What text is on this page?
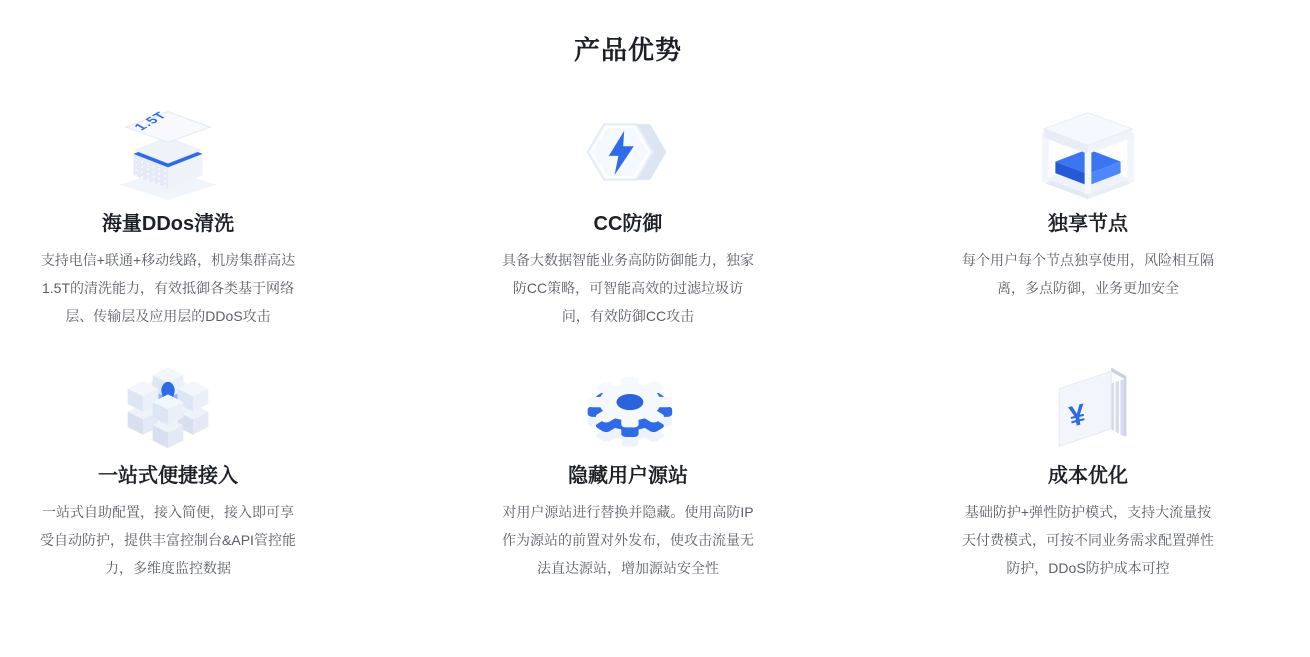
产品优势
1.5T
海量DDos清洗

支持电信+联通+移动线路，机房集群高达1.5T的清洗能力，有效抵御各类基于网络层、传输层及应用层的DDoS攻击

CC防御

具备大数据智能业务高防防御能力，独家防CC策略，可智能高效的过滤垃圾访问，有效防御CC攻击

独享节点

每个用户每个节点独享使用，风险相互隔离，多点防御，业务更加安全

一站式便捷接入

一站式自助配置，接入简便，接入即可享受自动防护，提供丰富控制台&API管控能力，多维度监控数据

隐藏用户源站

对用户源站进行替换并隐藏。使用高防IP作为源站的前置对外发布，使攻击流量无法直达源站，增加源站安全性

¥
成本优化

基础防护+弹性防护模式，支持大流量按天付费模式，可按不同业务需求配置弹性防护，DDoS防护成本可控
